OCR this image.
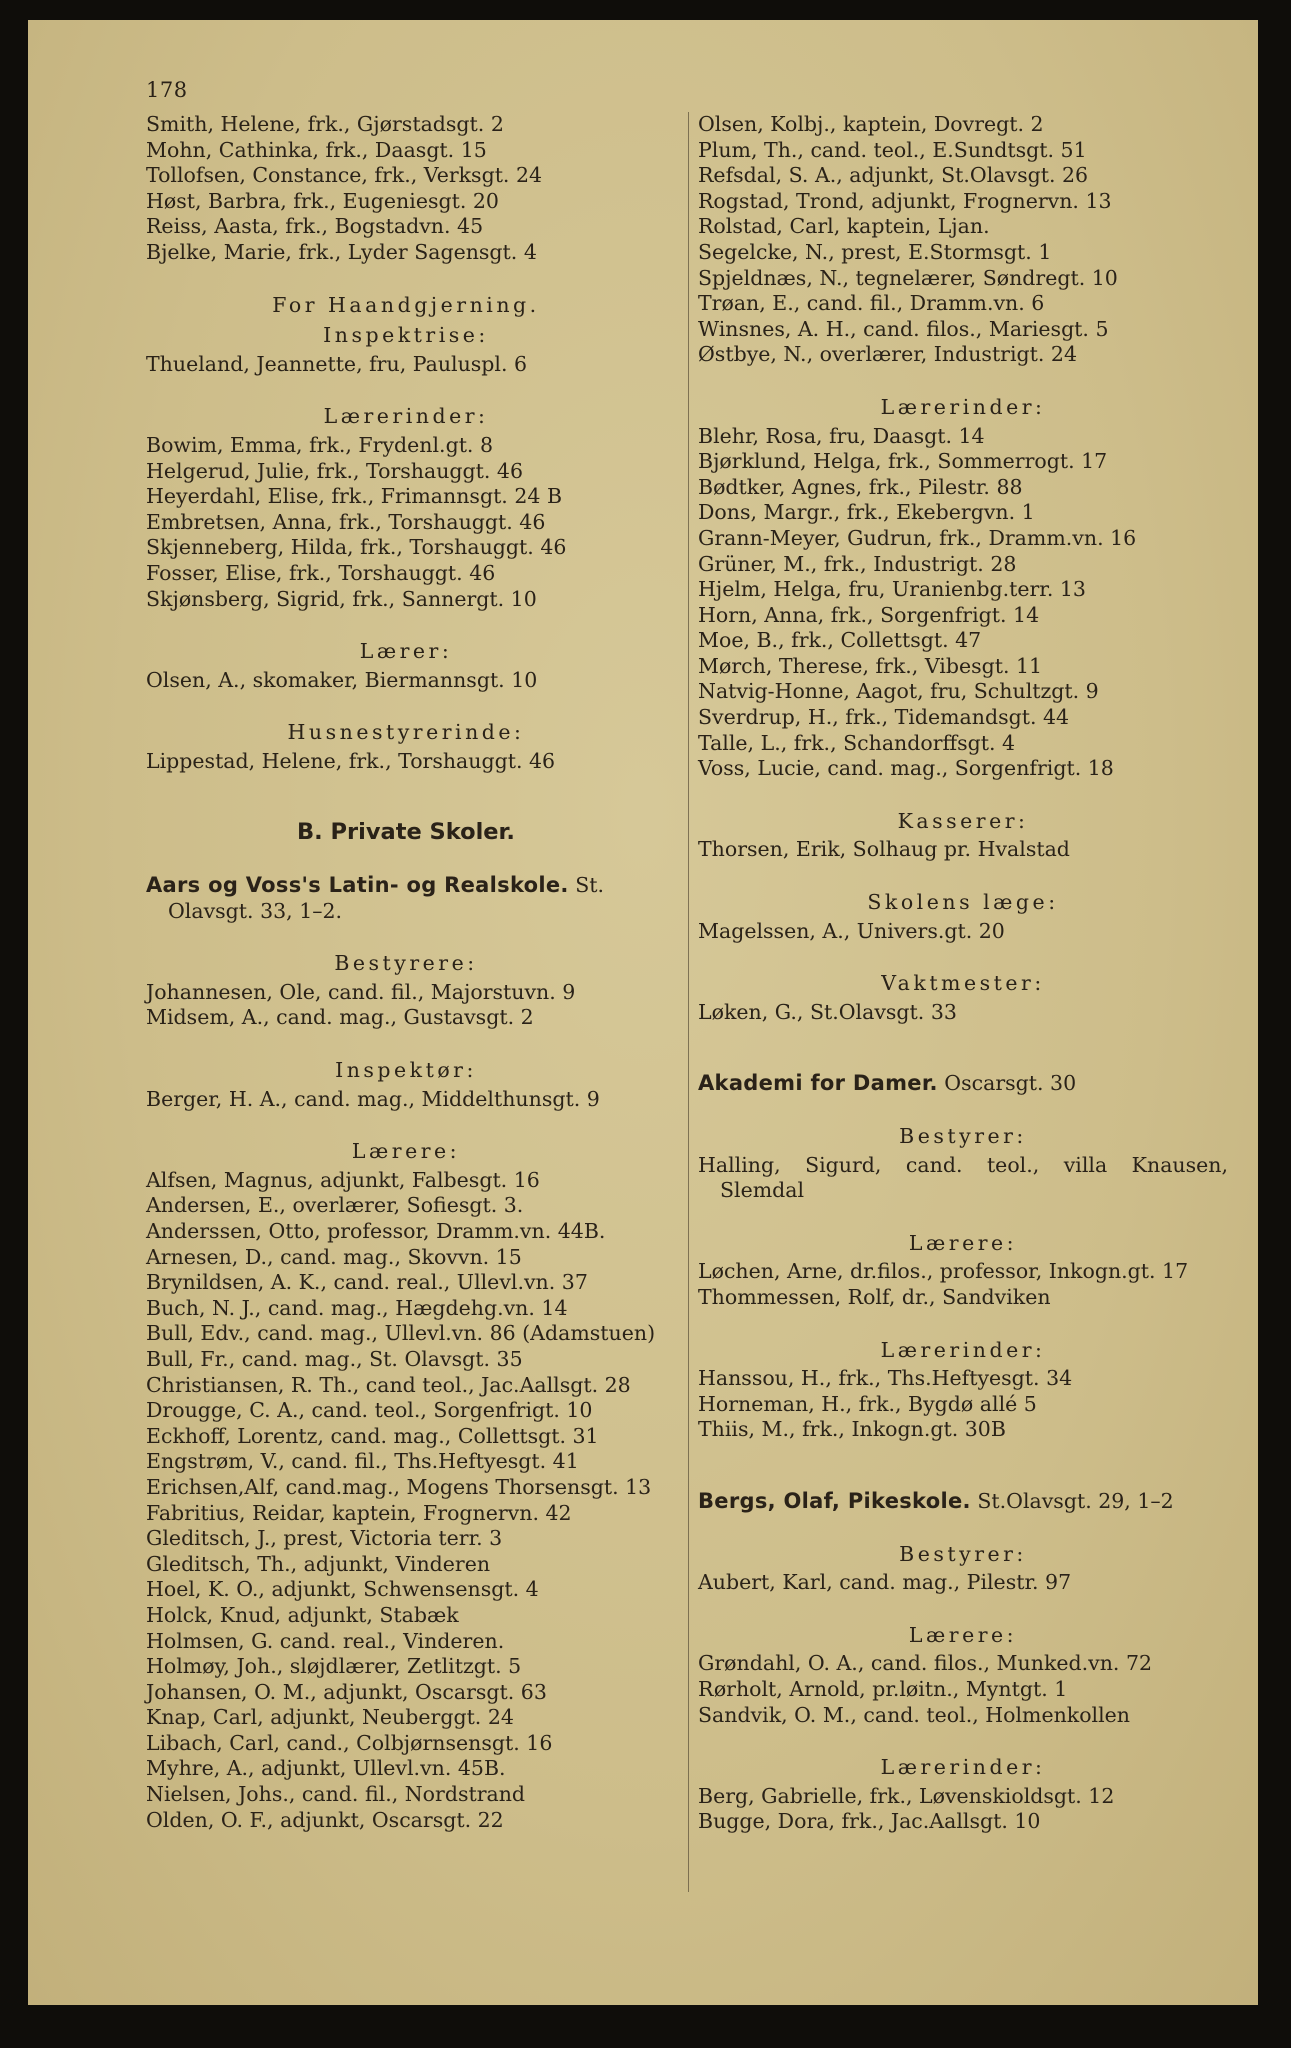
178

Smith, Helene, frk., Gjørstadsgt. 2

Mohn, Cathinka, frk., Daasgt. 15

Tollofsen, Constance, frk., Verksgt. 24

Høst, Barbra, frk., Eugeniesgt. 20

Reiss, Aasta, frk., Bogstadvn. 45

Bjelke, Marie, frk., Lyder Sagensgt. 4

For Haandgjerning.

Inspektrise:

Thueland, Jeannette, fru, Pauluspl. 6

Lærerinder:

Bowim, Emma, frk., Frydenl.gt. 8

Helgerud, Julie, frk., Torshauggt. 46

Heyerdahl, Elise, frk., Frimannsgt. 24 B

Embretsen, Anna, frk., Torshauggt. 46

Skjenneberg, Hilda, frk., Torshauggt. 46

Fosser, Elise, frk., Torshauggt. 46

Skjønsberg, Sigrid, frk., Sannergt. 10

Lærer:

Olsen, A., skomaker, Biermannsgt. 10

Husnestyrerinde:

Lippestad, Helene, frk., Torshauggt. 46

B. Private Skoler.

Aars og Voss's Latin- og Realskole. St. Olavsgt. 33, 1–2.

Bestyrere:

Johannesen, Ole, cand. fil., Majorstuvn. 9

Midsem, A., cand. mag., Gustavsgt. 2

Inspektør:

Berger, H. A., cand. mag., Middelthunsgt. 9

Lærere:

Alfsen, Magnus, adjunkt, Falbesgt. 16

Andersen, E., overlærer, Sofiesgt. 3.

Anderssen, Otto, professor, Dramm.vn. 44B.

Arnesen, D., cand. mag., Skovvn. 15

Brynildsen, A. K., cand. real., Ullevl.vn. 37

Buch, N. J., cand. mag., Hægdehg.vn. 14

Bull, Edv., cand. mag., Ullevl.vn. 86 (Adamstuen)

Bull, Fr., cand. mag., St. Olavsgt. 35

Christiansen, R. Th., cand teol., Jac.Aallsgt. 28

Drougge, C. A., cand. teol., Sorgenfrigt. 10

Eckhoff, Lorentz, cand. mag., Collettsgt. 31

Engstrøm, V., cand. fil., Ths.Heftyesgt. 41

Erichsen,Alf, cand.mag., Mogens Thorsensgt. 13

Fabritius, Reidar, kaptein, Frognervn. 42

Gleditsch, J., prest, Victoria terr. 3

Gleditsch, Th., adjunkt, Vinderen

Hoel, K. O., adjunkt, Schwensensgt. 4

Holck, Knud, adjunkt, Stabæk

Holmsen, G. cand. real., Vinderen.

Holmøy, Joh., sløjdlærer, Zetlitzgt. 5

Johansen, O. M., adjunkt, Oscarsgt. 63

Knap, Carl, adjunkt, Neuberggt. 24

Libach, Carl, cand., Colbjørnsensgt. 16

Myhre, A., adjunkt, Ullevl.vn. 45B.

Nielsen, Johs., cand. fil., Nordstrand

Olden, O. F., adjunkt, Oscarsgt. 22

Olsen, Kolbj., kaptein, Dovregt. 2

Plum, Th., cand. teol., E.Sundtsgt. 51

Refsdal, S. A., adjunkt, St.Olavsgt. 26

Rogstad, Trond, adjunkt, Frognervn. 13

Rolstad, Carl, kaptein, Ljan.

Segelcke, N., prest, E.Stormsgt. 1

Spjeldnæs, N., tegnelærer, Søndregt. 10

Trøan, E., cand. fil., Dramm.vn. 6

Winsnes, A. H., cand. filos., Mariesgt. 5

Østbye, N., overlærer, Industrigt. 24

Lærerinder:

Blehr, Rosa, fru, Daasgt. 14

Bjørklund, Helga, frk., Sommerrogt. 17

Bødtker, Agnes, frk., Pilestr. 88

Dons, Margr., frk., Ekebergvn. 1

Grann-Meyer, Gudrun, frk., Dramm.vn. 16

Grüner, M., frk., Industrigt. 28

Hjelm, Helga, fru, Uranienbg.terr. 13

Horn, Anna, frk., Sorgenfrigt. 14

Moe, B., frk., Collettsgt. 47

Mørch, Therese, frk., Vibesgt. 11

Natvig-Honne, Aagot, fru, Schultzgt. 9

Sverdrup, H., frk., Tidemandsgt. 44

Talle, L., frk., Schandorffsgt. 4

Voss, Lucie, cand. mag., Sorgenfrigt. 18

Kasserer:

Thorsen, Erik, Solhaug pr. Hvalstad

Skolens læge:

Magelssen, A., Univers.gt. 20

Vaktmester:

Løken, G., St.Olavsgt. 33

Akademi for Damer. Oscarsgt. 30

Bestyrer:

Halling, Sigurd, cand. teol., villa Knausen,

Slemdal

Lærere:

Løchen, Arne, dr.filos., professor, Inkogn.gt. 17

Thommessen, Rolf, dr., Sandviken

Lærerinder:

Hanssou, H., frk., Ths.Heftyesgt. 34

Horneman, H., frk., Bygdø allé 5

Thiis, M., frk., Inkogn.gt. 30B

Bergs, Olaf, Pikeskole. St.Olavsgt. 29, 1–2

Bestyrer:

Aubert, Karl, cand. mag., Pilestr. 97

Lærere:

Grøndahl, O. A., cand. filos., Munked.vn. 72

Rørholt, Arnold, pr.løitn., Myntgt. 1

Sandvik, O. M., cand. teol., Holmenkollen

Lærerinder:

Berg, Gabrielle, frk., Løvenskioldsgt. 12

Bugge, Dora, frk., Jac.Aallsgt. 10
